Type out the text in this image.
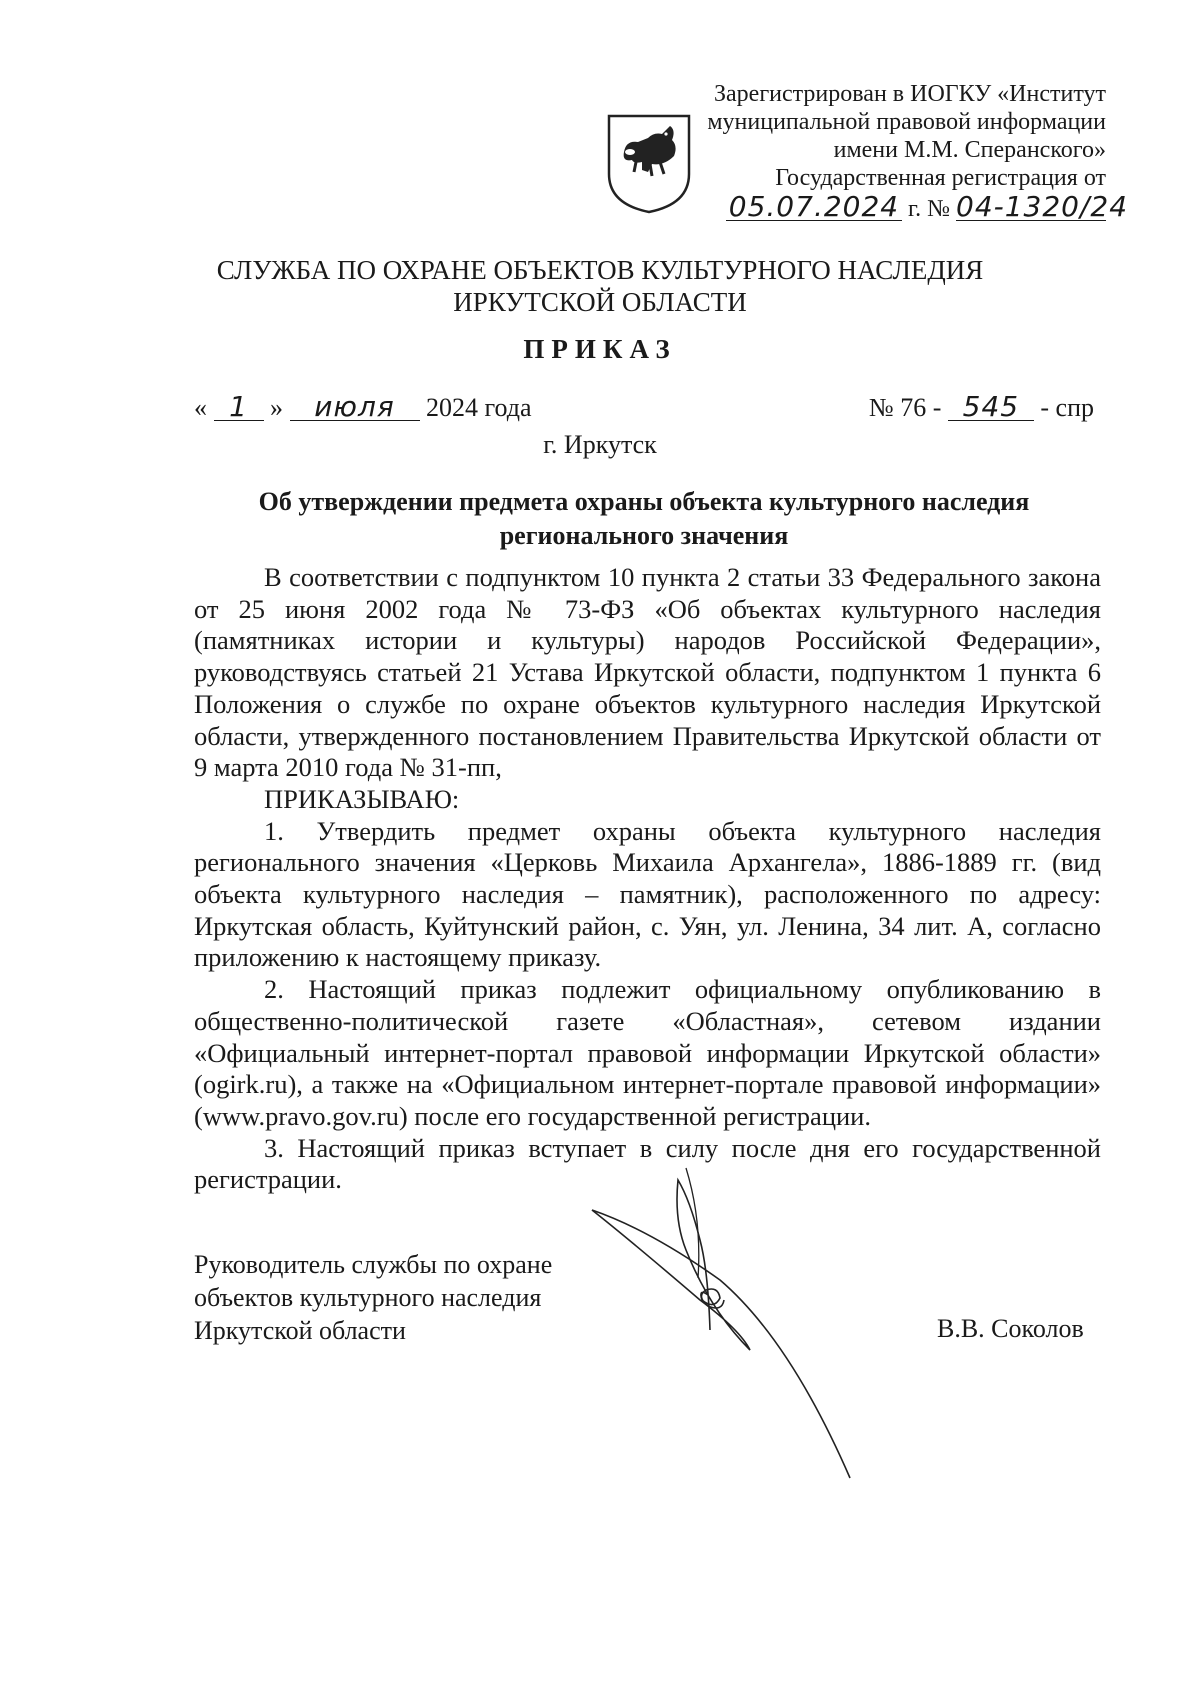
Зарегистрирован в ИОГКУ «Институт
муниципальной правовой информации
имени М.М. Сперанского»
Государственная регистрация от
05.07.2024 г. № 04-1320/24
СЛУЖБА ПО ОХРАНЕ ОБЪЕКТОВ КУЛЬТУРНОГО НАСЛЕДИЯ
ИРКУТСКОЙ ОБЛАСТИ
ПРИКАЗ
« 1 » июля 2024 года	№ 76 - 545 - спр
г. Иркутск
Об утверждении предмета охраны объекта культурного наследия
регионального значения

В соответствии с подпунктом 10 пункта 2 статьи 33 Федерального закона от 25 июня 2002 года № 73-ФЗ «Об объектах культурного наследия (памятниках истории и культуры) народов Российской Федерации», руководствуясь статьей 21 Устава Иркутской области, подпунктом 1 пункта 6 Положения о службе по охране объектов культурного наследия Иркутской области, утвержденного постановлением Правительства Иркутской области от 9 марта 2010 года № 31-пп,

ПРИКАЗЫВАЮ:

1. Утвердить предмет охраны объекта культурного наследия регионального значения «Церковь Михаила Архангела», 1886-1889 гг. (вид объекта культурного наследия – памятник), расположенного по адресу: Иркутская область, Куйтунский район, с. Уян, ул. Ленина, 34 лит. А, согласно приложению к настоящему приказу.

2. Настоящий приказ подлежит официальному опубликованию в общественно-политической газете «Областная», сетевом издании «Официальный интернет-портал правовой информации Иркутской области» (ogirk.ru), а также на «Официальном интернет-портале правовой информации» (www.pravo.gov.ru) после его государственной регистрации.

3. Настоящий приказ вступает в силу после дня его государственной регистрации.

Руководитель службы по охране
объектов культурного наследия
Иркутской области	В.В. Соколов
